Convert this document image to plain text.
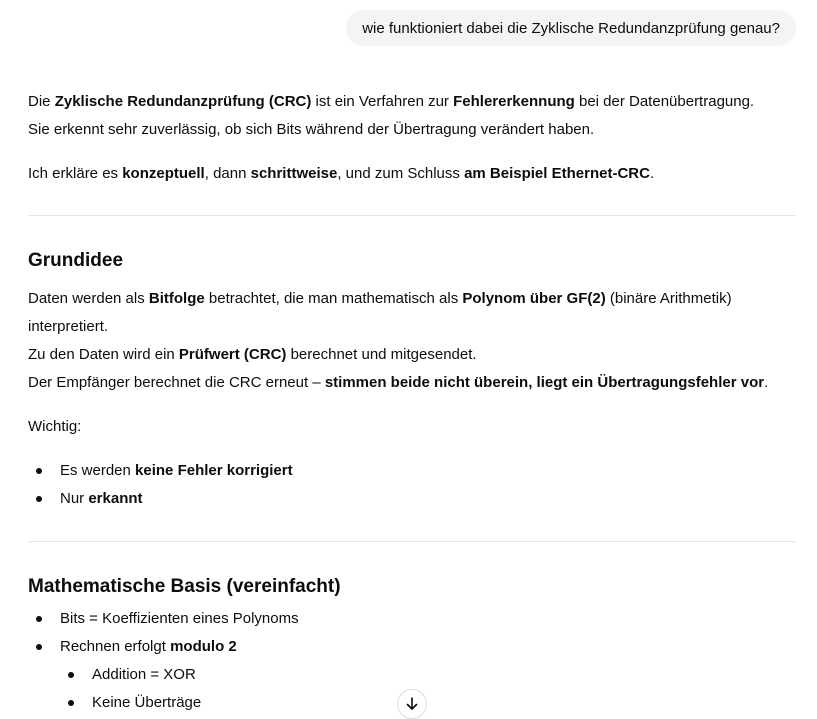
wie funktioniert dabei die Zyklische Redundanzprüfung genau?

Die Zyklische Redundanzprüfung (CRC) ist ein Verfahren zur Fehlererkennung bei der Datenübertragung.

Sie erkennt sehr zuverlässig, ob sich Bits während der Übertragung verändert haben.

Ich erkläre es konzeptuell, dann schrittweise, und zum Schluss am Beispiel Ethernet-CRC.

Grundidee

Daten werden als Bitfolge betrachtet, die man mathematisch als Polynom über GF(2) (binäre Arithmetik)

interpretiert.

Zu den Daten wird ein Prüfwert (CRC) berechnet und mitgesendet.

Der Empfänger berechnet die CRC erneut – stimmen beide nicht überein, liegt ein Übertragungsfehler vor.

Wichtig:

Es werden keine Fehler korrigiert
Nur erkannt
Mathematische Basis (vereinfacht)
Bits = Koeffizienten eines Polynoms
Rechnen erfolgt modulo 2
Addition = XOR
Keine Überträge
